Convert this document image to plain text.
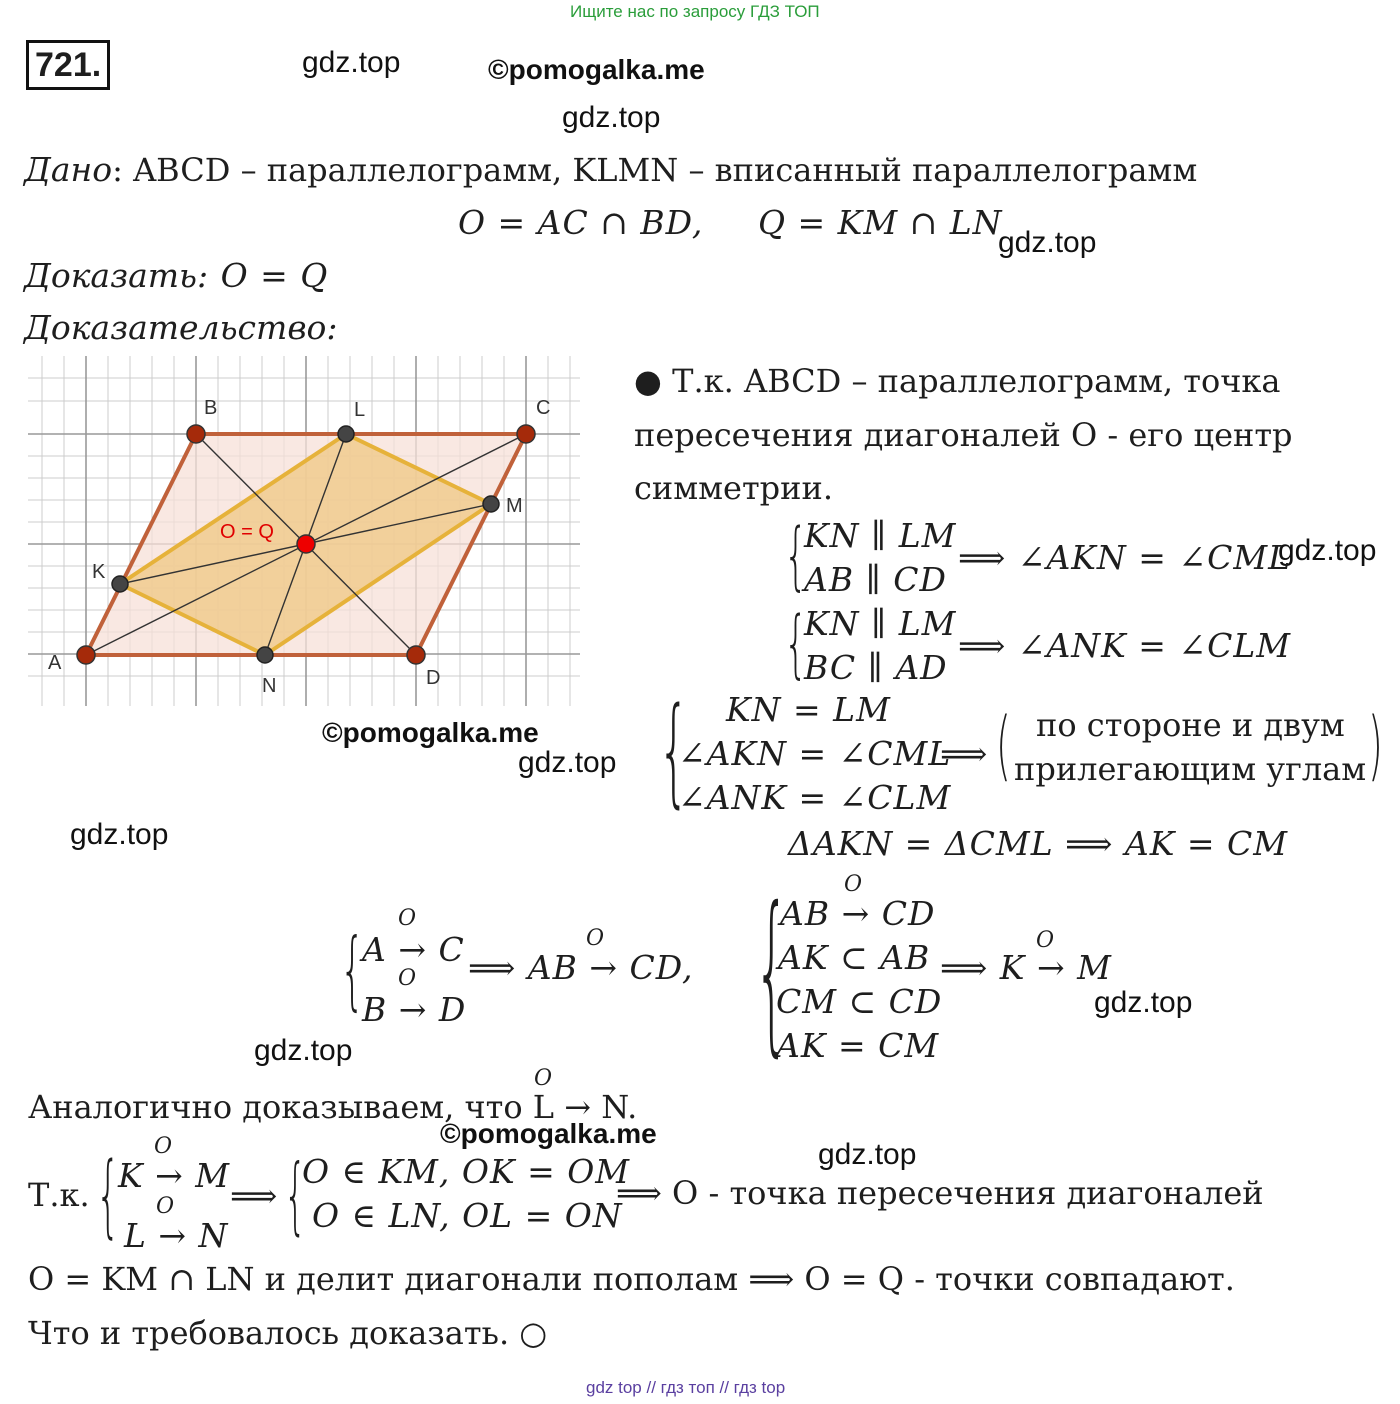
Ищите нас по запросу ГДЗ ТОП
721.	gdz.top	©pomogalka.me
gdz.top
gdz.top
gdz.top
©pomogalka.me
gdz.top
gdz.top
gdz.top
gdz.top
©pomogalka.me
gdz.top
Дано: ABCD – параллелограмм, KLMN – вписанный параллелограмм
O = AC ∩ BD, Q = KM ∩ LN
Доказать: O = Q
Доказательство:
A
B	C
D
K
L
M
N
O = Q
● Т.к. ABCD – параллелограмм, точка
пересечения диагоналей O - его центр
симметрии.
{
KN ∥ LM
AB ∥ CD
⟹ ∠AKN = ∠CML
{
KN ∥ LM
BC ∥ AD
⟹ ∠ANK = ∠CLM
{ KN = LM
∠AKN = ∠CML
∠ANK = ∠CLM
⟹ ( по стороне и двум
прилегающим углам )
ΔAKN = ΔCML ⟹ AK = CM
{
A → C
O
B → D
O ⟹ AB → CD,
O {
AB → CD
O
AK ⊂ AB
CM ⊂ CD
AK = CM
⟹ K → M
O
Аналогично доказываем, что L → N.
O
Т.к. {
K → M
O
L → N
O ⟹ {
O ∈ KM, OK = OM
O ∈ LN, OL = ON
⟹ O - точка пересечения диагоналей
O = KM ∩ LN и делит диагонали пополам ⟹ O = Q - точки совпадают.
Что и требовалось доказать. ○
gdz top // гдз топ // гдз top
